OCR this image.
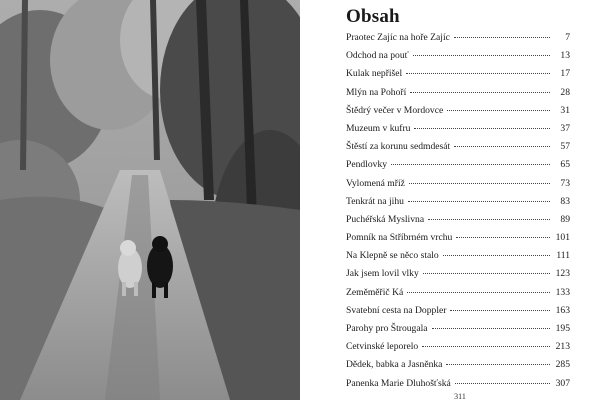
Obsah
Praotec Zajíc na hoře Zajíc	7
Odchod na pouť	13
Kulak nepřišel	17
Mlýn na Pohoří	28
Štědrý večer v Mordovce	31
Muzeum v kufru	37
Štěstí za korunu sedmdesát	57
Pendlovky	65
Vylomená mříž	73
Tenkrát na jihu	83
Puchéřská Myslivna	89
Pomník na Stříbrném vrchu	101
Na Klepně se něco stalo	111
Jak jsem lovil vlky	123
Zeměměřič Ká	133
Svatební cesta na Doppler	163
Parohy pro Štrougala	195
Cetvinské leporelo	213
Dědek, babka a Jasněnka	285
Panenka Marie Dluhošťská	307
311
